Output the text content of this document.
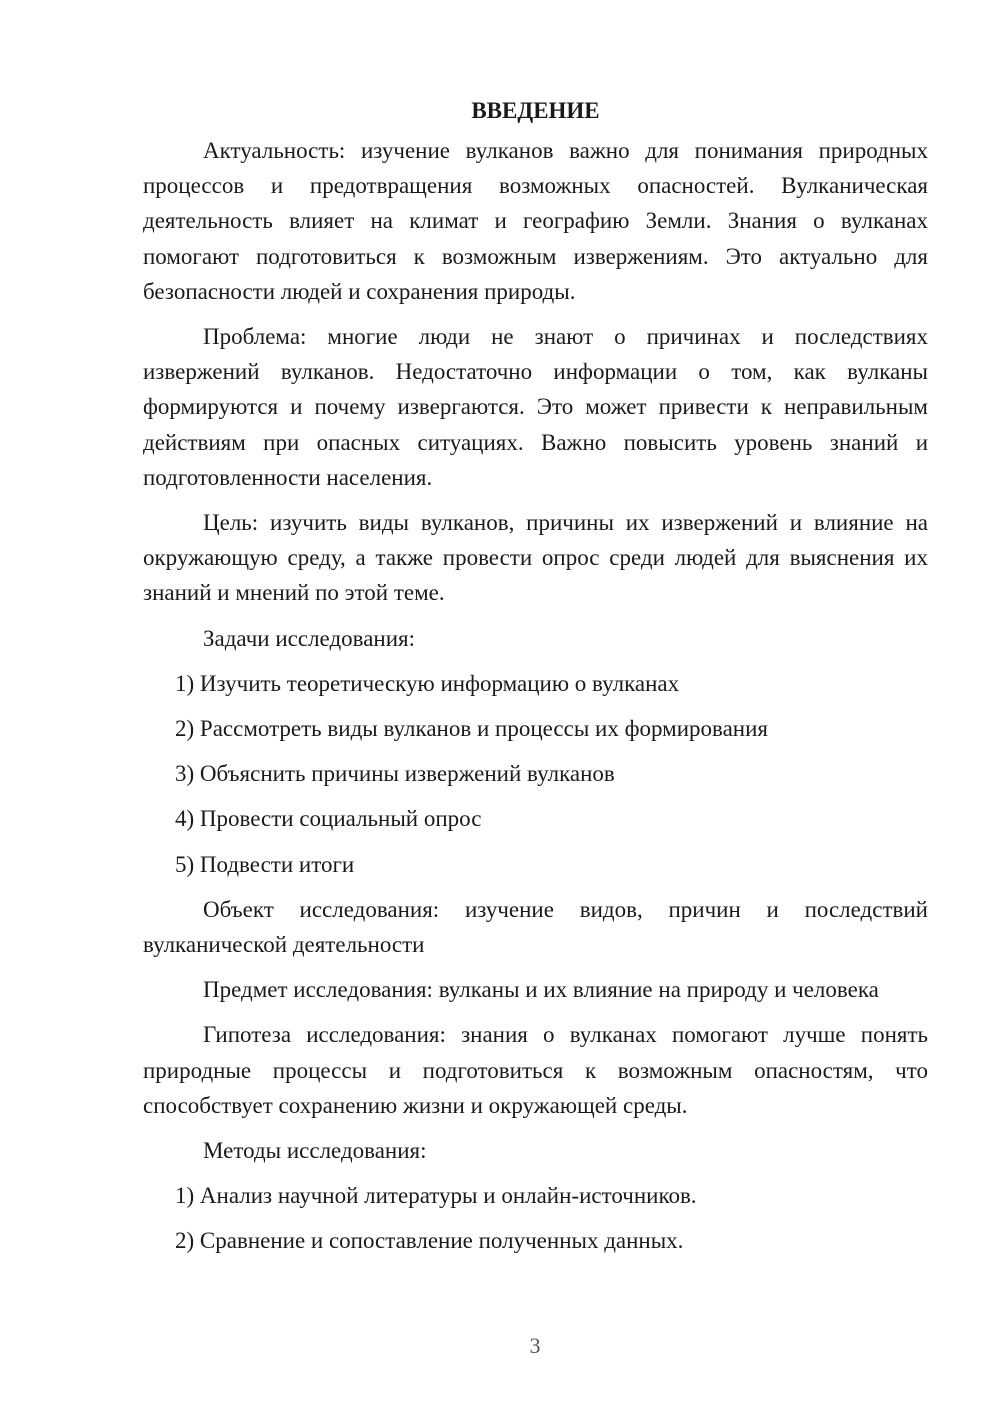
ВВЕДЕНИЕ

Актуальность: изучение вулканов важно для понимания природных процессов и предотвращения возможных опасностей. Вулканическая деятельность влияет на климат и географию Земли. Знания о вулканах помогают подготовиться к возможным извержениям. Это актуально для безопасности людей и сохранения природы.

Проблема: многие люди не знают о причинах и последствиях извержений вулканов. Недостаточно информации о том, как вулканы формируются и почему извергаются. Это может привести к неправильным действиям при опасных ситуациях. Важно повысить уровень знаний и подготовленности населения.

Цель: изучить виды вулканов, причины их извержений и влияние на окружающую среду, а также провести опрос среди людей для выяснения их знаний и мнений по этой теме.

Задачи исследования:

1) Изучить теоретическую информацию о вулканах

2) Рассмотреть виды вулканов и процессы их формирования

3) Объяснить причины извержений вулканов

4) Провести социальный опрос

5) Подвести итоги

Объект исследования: изучение видов, причин и последствий вулканической деятельности

Предмет исследования: вулканы и их влияние на природу и человека

Гипотеза исследования: знания о вулканах помогают лучше понять природные процессы и подготовиться к возможным опасностям, что способствует сохранению жизни и окружающей среды.

Методы исследования:

1) Анализ научной литературы и онлайн-источников.

2) Сравнение и сопоставление полученных данных.

3
